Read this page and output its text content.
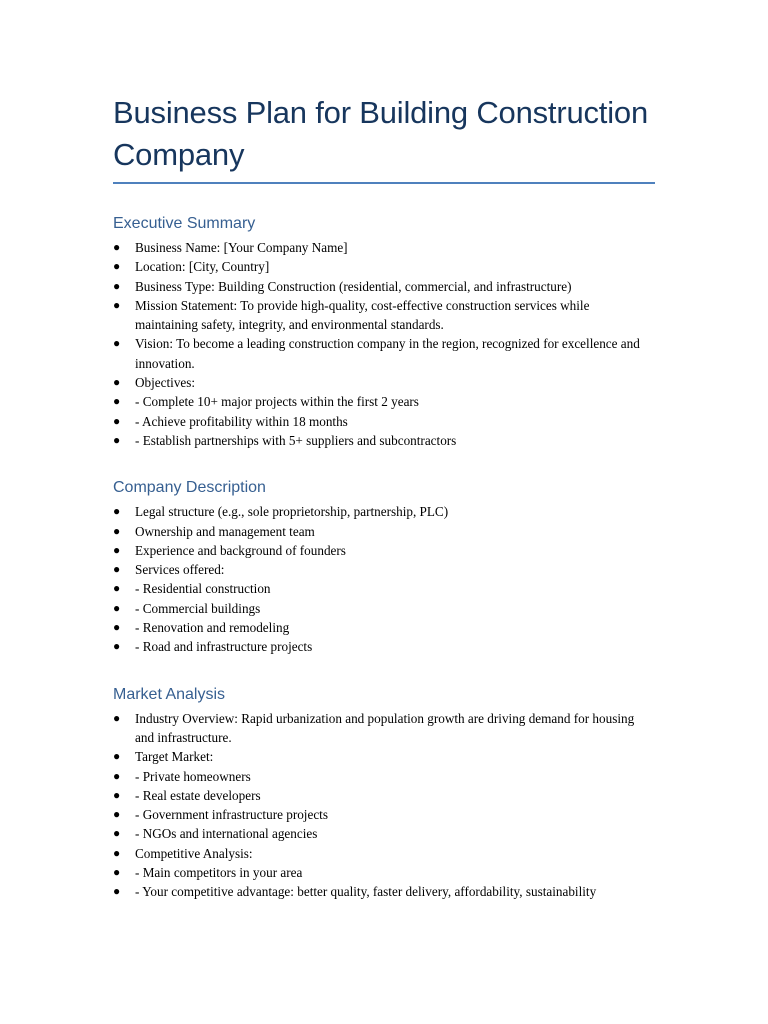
Business Plan for Building Construction Company
Executive Summary
● Business Name: [Your Company Name]
● Location: [City, Country]
● Business Type: Building Construction (residential, commercial, and infrastructure)
● Mission Statement: To provide high-quality, cost-effective construction services while maintaining safety, integrity, and environmental standards.
● Vision: To become a leading construction company in the region, recognized for excellence and innovation.
● Objectives:
● - Complete 10+ major projects within the first 2 years
● - Achieve profitability within 18 months
● - Establish partnerships with 5+ suppliers and subcontractors
Company Description
● Legal structure (e.g., sole proprietorship, partnership, PLC)
● Ownership and management team
● Experience and background of founders
● Services offered:
● - Residential construction
● - Commercial buildings
● - Renovation and remodeling
● - Road and infrastructure projects
Market Analysis
● Industry Overview: Rapid urbanization and population growth are driving demand for housing and infrastructure.
● Target Market:
● - Private homeowners
● - Real estate developers
● - Government infrastructure projects
● - NGOs and international agencies
● Competitive Analysis:
● - Main competitors in your area
● - Your competitive advantage: better quality, faster delivery, affordability, sustainability
